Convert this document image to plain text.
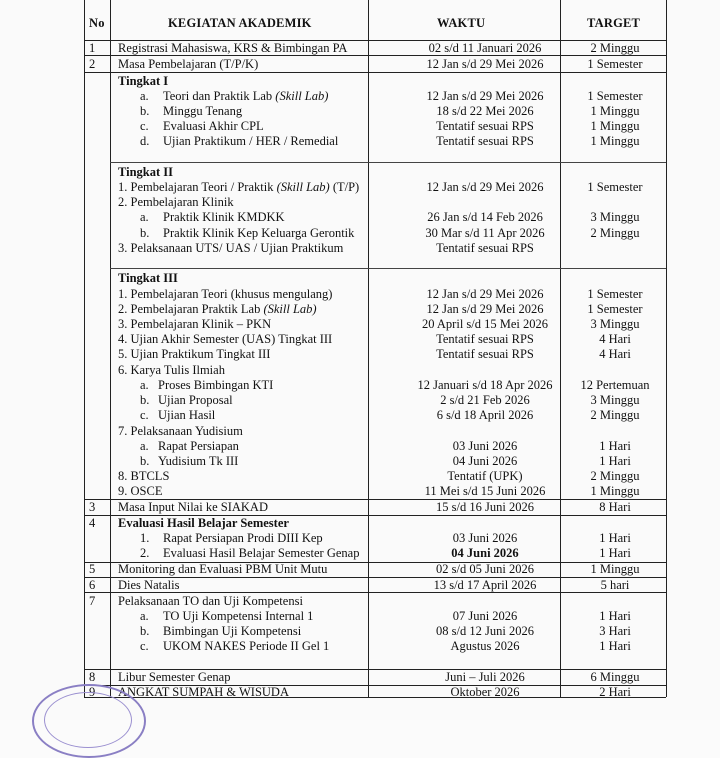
No	KEGIATAN AKADEMIK	WAKTU	TARGET
1 Registrasi Mahasiswa, KRS & Bimbingan PA	02 s/d 11 Januari 2026	2 Minggu
2 Masa Pembelajaran (T/P/K)	12 Jan s/d 29 Mei 2026	1 Semester
Tingkat I
a. Teori dan Praktik Lab (Skill Lab)	12 Jan s/d 29 Mei 2026	1 Semester
b. Minggu Tenang	18 s/d 22 Mei 2026	1 Minggu
c. Evaluasi Akhir CPL	Tentatif sesuai RPS	1 Minggu
d. Ujian Praktikum / HER / Remedial	Tentatif sesuai RPS	1 Minggu
Tingkat II
1. Pembelajaran Teori / Praktik (Skill Lab) (T/P)	12 Jan s/d 29 Mei 2026	1 Semester
2. Pembelajaran Klinik
a. Praktik Klinik KMDKK	26 Jan s/d 14 Feb 2026	3 Minggu
b. Praktik Klinik Kep Keluarga Gerontik	30 Mar s/d 11 Apr 2026	2 Minggu
3. Pelaksanaan UTS/ UAS / Ujian Praktikum	Tentatif sesuai RPS
Tingkat III
1. Pembelajaran Teori (khusus mengulang)	12 Jan s/d 29 Mei 2026	1 Semester
2. Pembelajaran Praktik Lab (Skill Lab)	12 Jan s/d 29 Mei 2026	1 Semester
3. Pembelajaran Klinik – PKN	20 April s/d 15 Mei 2026	3 Minggu
4. Ujian Akhir Semester (UAS) Tingkat III	Tentatif sesuai RPS	4 Hari
5. Ujian Praktikum Tingkat III	Tentatif sesuai RPS	4 Hari
6. Karya Tulis Ilmiah
a. Proses Bimbingan KTI	12 Januari s/d 18 Apr 2026	12 Pertemuan
b. Ujian Proposal	2 s/d 21 Feb 2026	3 Minggu
c. Ujian Hasil	6 s/d 18 April 2026	2 Minggu
7. Pelaksanaan Yudisium
a. Rapat Persiapan	03 Juni 2026	1 Hari
b. Yudisium Tk III	04 Juni 2026	1 Hari
8. BTCLS	Tentatif (UPK)	2 Minggu
9. OSCE	11 Mei s/d 15 Juni 2026	1 Minggu
3 Masa Input Nilai ke SIAKAD	15 s/d 16 Juni 2026	8 Hari
4 Evaluasi Hasil Belajar Semester
1. Rapat Persiapan Prodi DIII Kep	03 Juni 2026	1 Hari
2. Evaluasi Hasil Belajar Semester Genap	04 Juni 2026	1 Hari
5 Monitoring dan Evaluasi PBM Unit Mutu	02 s/d 05 Juni 2026	1 Minggu
6 Dies Natalis	13 s/d 17 April 2026	5 hari
7 Pelaksanaan TO dan Uji Kompetensi
a. TO Uji Kompetensi Internal 1	07 Juni 2026	1 Hari
b. Bimbingan Uji Kompetensi	08 s/d 12 Juni 2026	3 Hari
c. UKOM NAKES Periode II Gel 1	Agustus 2026	1 Hari
8 Libur Semester Genap	Juni – Juli 2026	6 Minggu
9 ANGKAT SUMPAH & WISUDA	Oktober 2026	2 Hari
